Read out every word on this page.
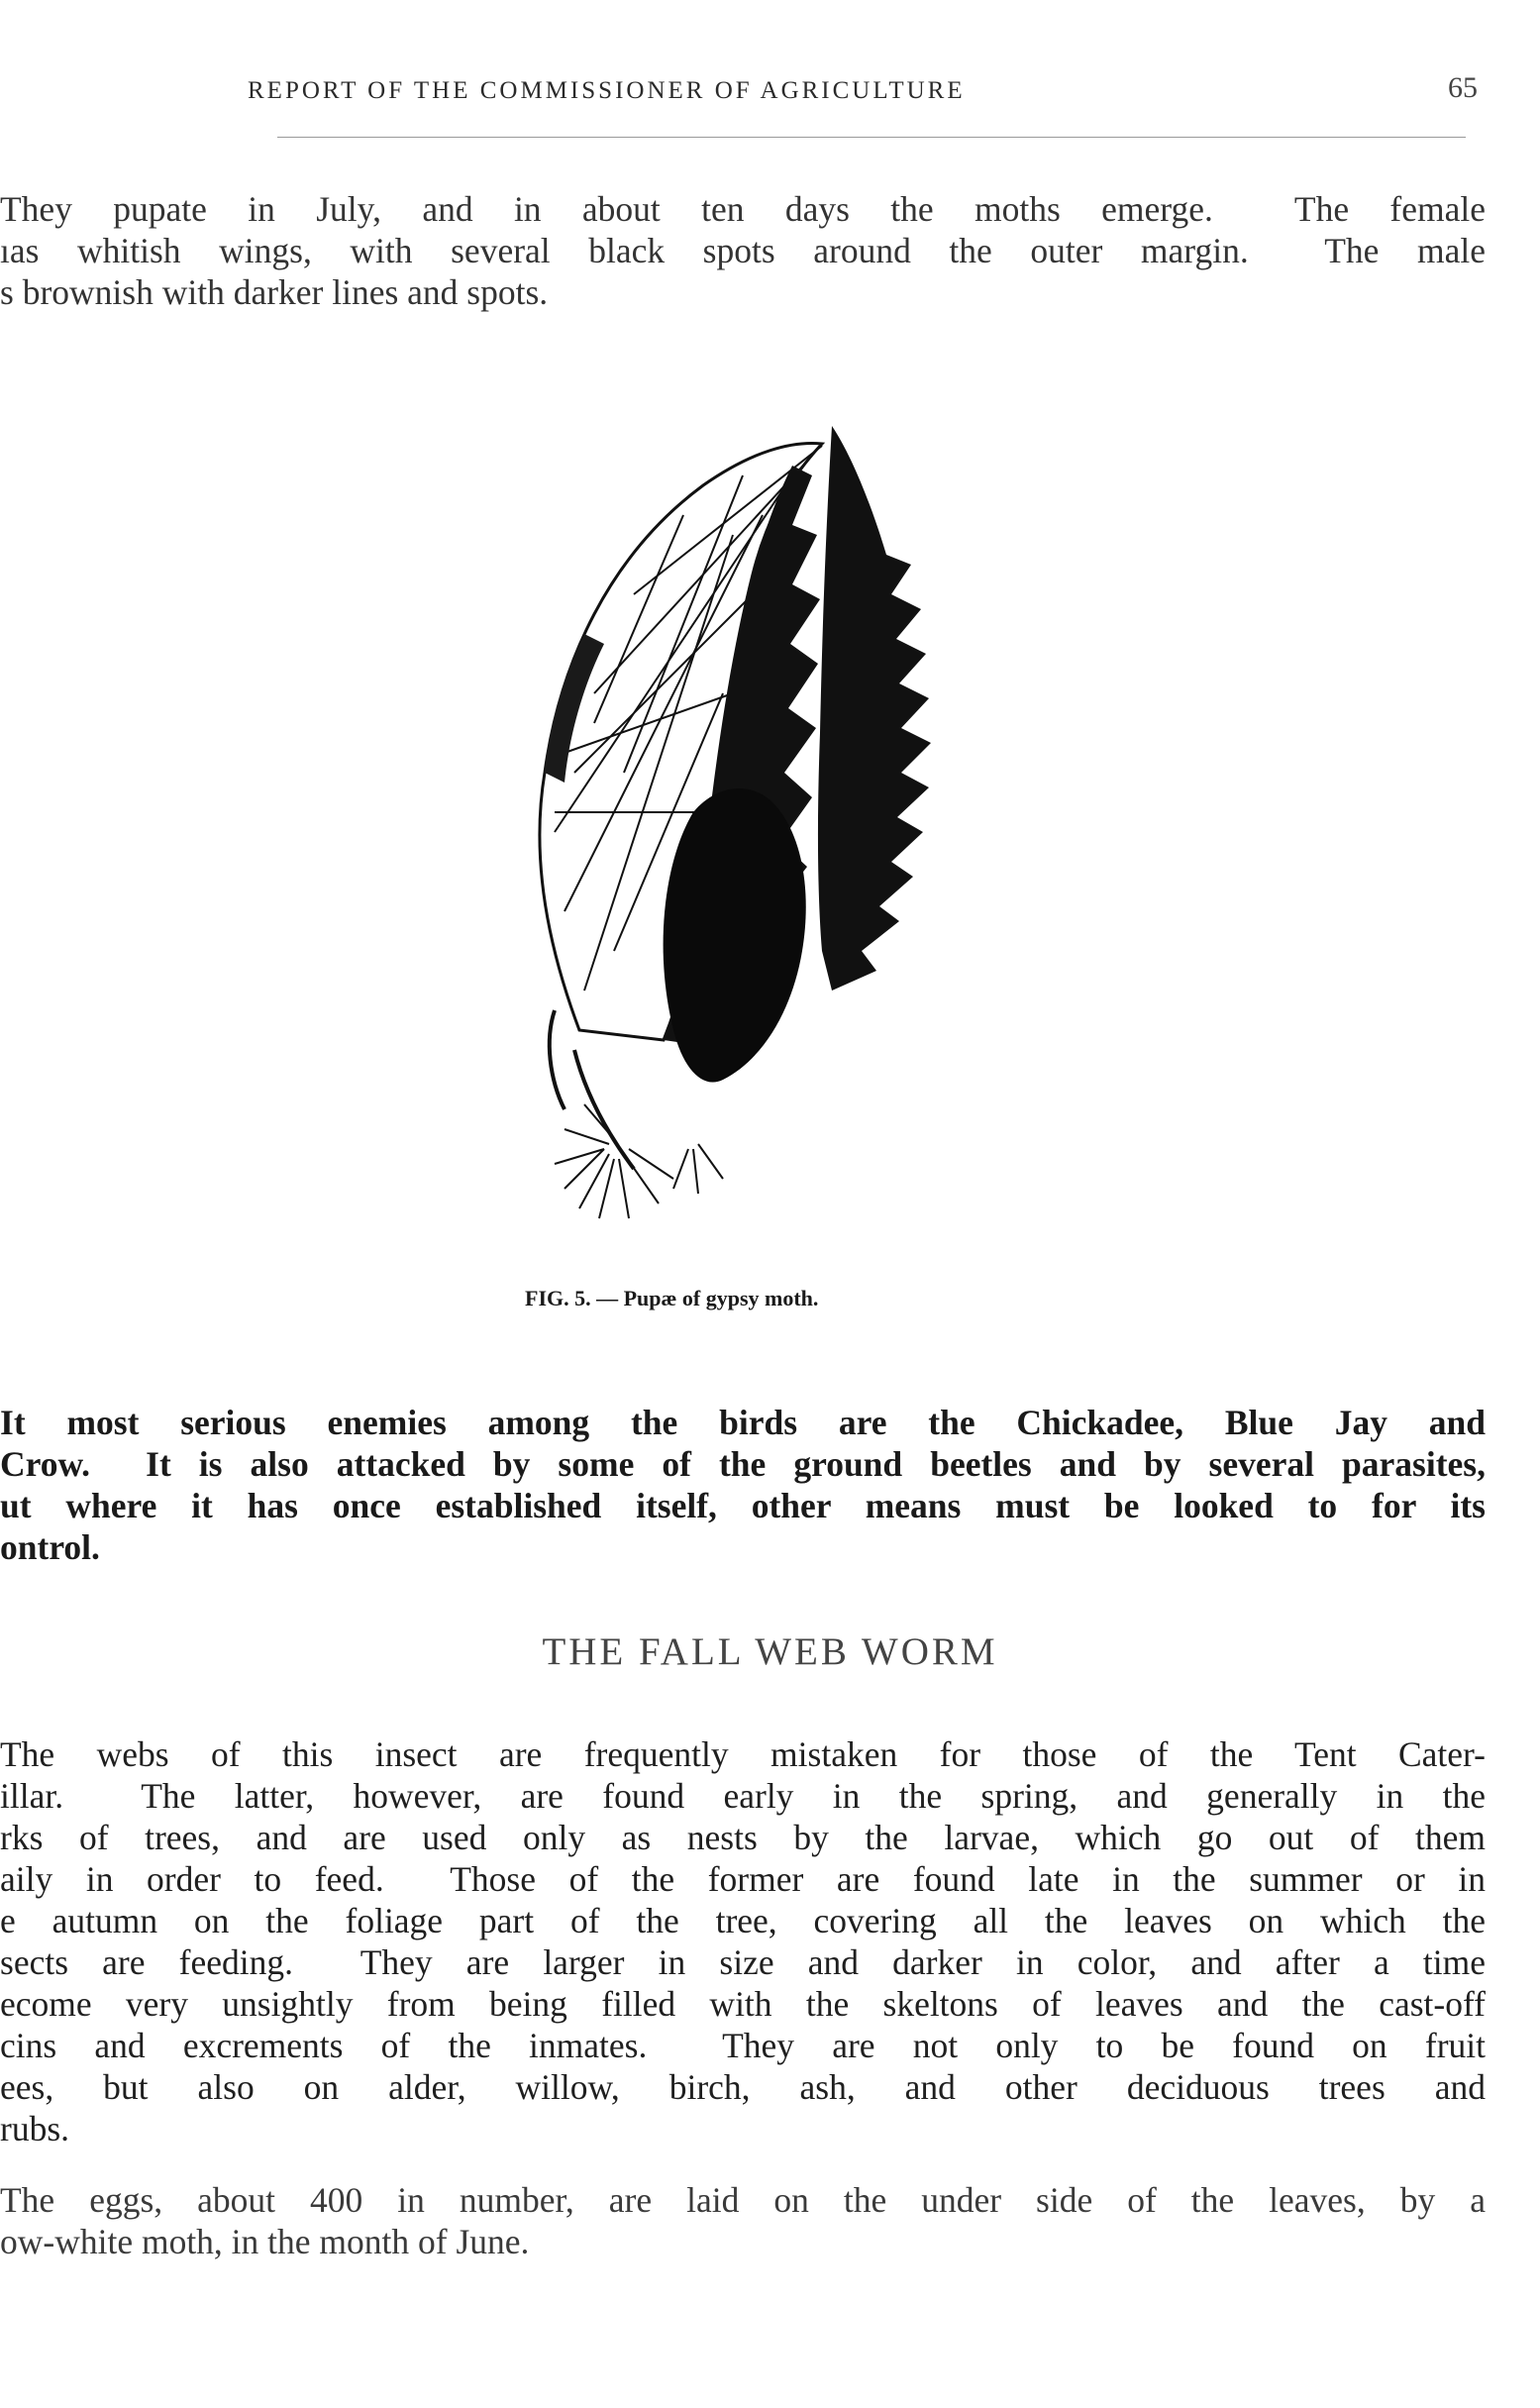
REPORT OF THE COMMISSIONER OF AGRICULTURE	65
They pupate in July, and in about ten days the moths emerge.  The female
ıas whitish wings, with several black spots around the outer margin.  The male
s brownish with darker lines and spots.
FIG. 5. — Pupæ of gypsy moth.
It most serious enemies among the birds are the Chickadee, Blue Jay and
Crow.  It is also attacked by some of the ground beetles and by several parasites,
ut where it has once established itself, other means must be looked to for its
ontrol.
THE FALL WEB WORM
The webs of this insect are frequently mistaken for those of the Tent Cater-
illar.  The latter, however, are found early in the spring, and generally in the
rks of trees, and are used only as nests by the larvae, which go out of them
aily in order to feed.  Those of the former are found late in the summer or in
e autumn on the foliage part of the tree, covering all the leaves on which the
sects are feeding.  They are larger in size and darker in color, and after a time
ecome very unsightly from being filled with the skeltons of leaves and the cast-off
cins and excrements of the inmates.  They are not only to be found on fruit
ees, but also on alder, willow, birch, ash, and other deciduous trees and
rubs.
The eggs, about 400 in number, are laid on the under side of the leaves, by a
ow-white moth, in the month of June.
